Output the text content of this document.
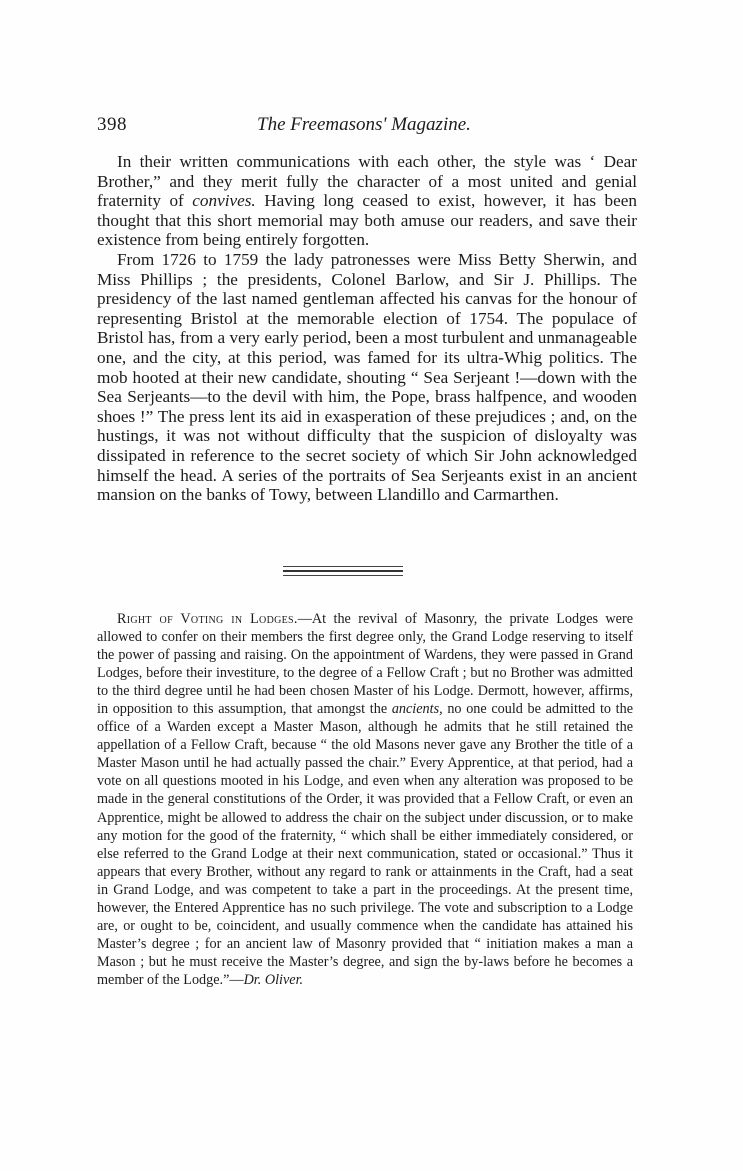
398	The Freemasons' Magazine.

In their written communications with each other, the style was ‘ Dear Brother,” and they merit fully the character of a most united and genial fraternity of convives. Having long ceased to exist, however, it has been thought that this short memorial may both amuse our readers, and save their existence from being entirely forgotten.

From 1726 to 1759 the lady patronesses were Miss Betty Sherwin, and Miss Phillips ; the presidents, Colonel Barlow, and Sir J. Phillips. The presidency of the last named gentleman affected his canvas for the honour of representing Bristol at the memorable election of 1754. The populace of Bristol has, from a very early period, been a most turbulent and unmanageable one, and the city, at this period, was famed for its ultra-Whig politics. The mob hooted at their new candidate, shouting “ Sea Serjeant !—down with the Sea Serjeants—to the devil with him, the Pope, brass halfpence, and wooden shoes !” The press lent its aid in exasperation of these prejudices ; and, on the hustings, it was not without difficulty that the suspicion of disloyalty was dissipated in reference to the secret society of which Sir John acknowledged himself the head. A series of the portraits of Sea Serjeants exist in an ancient mansion on the banks of Towy, between Llandillo and Carmarthen.

Right of Voting in Lodges.—At the revival of Masonry, the private Lodges were allowed to confer on their members the first degree only, the Grand Lodge reserving to itself the power of passing and raising. On the appointment of Wardens, they were passed in Grand Lodges, before their investiture, to the degree of a Fellow Craft ; but no Brother was admitted to the third degree until he had been chosen Master of his Lodge. Dermott, however, affirms, in opposition to this assumption, that amongst the ancients, no one could be admitted to the office of a Warden except a Master Mason, although he admits that he still retained the appellation of a Fellow Craft, because “ the old Masons never gave any Brother the title of a Master Mason until he had actually passed the chair.” Every Apprentice, at that period, had a vote on all questions mooted in his Lodge, and even when any alteration was proposed to be made in the general constitutions of the Order, it was provided that a Fellow Craft, or even an Apprentice, might be allowed to address the chair on the subject under discussion, or to make any motion for the good of the fraternity, “ which shall be either immediately considered, or else referred to the Grand Lodge at their next communication, stated or occasional.” Thus it appears that every Brother, without any regard to rank or attainments in the Craft, had a seat in Grand Lodge, and was competent to take a part in the proceedings. At the present time, however, the Entered Apprentice has no such privilege. The vote and subscription to a Lodge are, or ought to be, coincident, and usually commence when the candidate has attained his Master’s degree ; for an ancient law of Masonry provided that “ initiation makes a man a Mason ; but he must receive the Master’s degree, and sign the by-laws before he becomes a member of the Lodge.”—Dr. Oliver.
